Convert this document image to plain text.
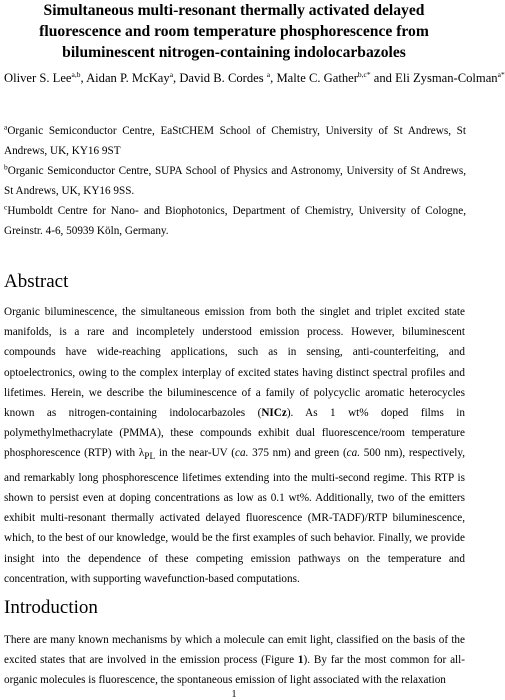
Simultaneous multi-resonant thermally activated delayed fluorescence and room temperature phosphorescence from biluminescent nitrogen-containing indolocarbazoles
Oliver S. Lee$^{a,b}$, Aidan P. McKay$^a$, David B. Cordes $^a$, Malte C. Gather$^{b,c*}$ and Eli Zysman-Colman$^{a*}$
$^a$Organic Semiconductor Centre, EaStCHEM School of Chemistry, University of St Andrews, St Andrews, UK, KY16 9ST
$^b$Organic Semiconductor Centre, SUPA School of Physics and Astronomy, University of St Andrews, St Andrews, UK, KY16 9SS.
$^c$Humboldt Centre for Nano- and Biophotonics, Department of Chemistry, University of Cologne, Greinstr. 4-6, 50939 Köln, Germany.
Abstract
Organic biluminescence, the simultaneous emission from both the singlet and triplet excited state manifolds, is a rare and incompletely understood emission process. However, biluminescent compounds have wide-reaching applications, such as in sensing, anti-counterfeiting, and optoelectronics, owing to the complex interplay of excited states having distinct spectral profiles and lifetimes. Herein, we describe the biluminescence of a family of polycyclic aromatic heterocycles known as nitrogen-containing indolocarbazoles (NICz). As 1 wt% doped films in polymethylmethacrylate (PMMA), these compounds exhibit dual fluorescence/room temperature phosphorescence (RTP) with $\lambda_{PL}$ in the near-UV (ca. 375 nm) and green (ca. 500 nm), respectively, and remarkably long phosphorescence lifetimes extending into the multi-second regime. This RTP is shown to persist even at doping concentrations as low as 0.1 wt%. Additionally, two of the emitters exhibit multi-resonant thermally activated delayed fluorescence (MR-TADF)/RTP biluminescence, which, to the best of our knowledge, would be the first examples of such behavior. Finally, we provide insight into the dependence of these competing emission pathways on the temperature and concentration, with supporting wavefunction-based computations.
Introduction
There are many known mechanisms by which a molecule can emit light, classified on the basis of the excited states that are involved in the emission process (Figure 1). By far the most common for all-organic molecules is fluorescence, the spontaneous emission of light associated with the relaxation
1
